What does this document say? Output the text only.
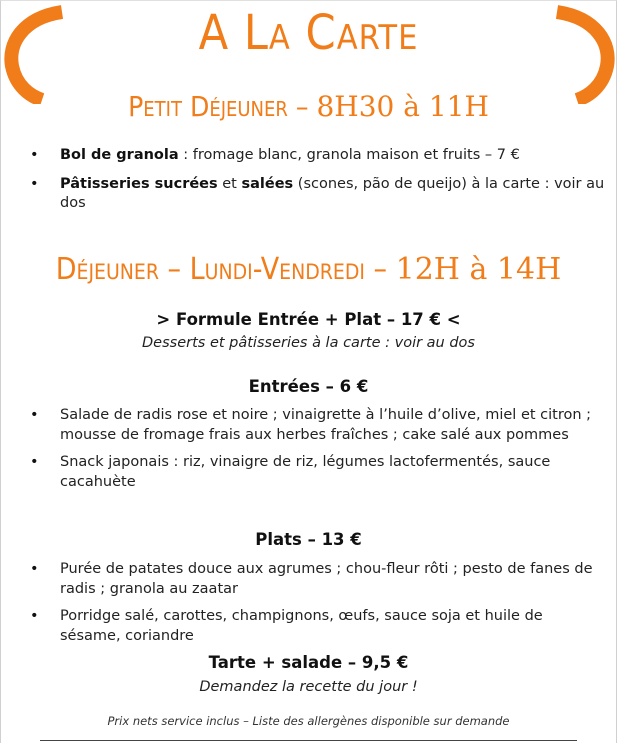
A La Carte
Petit Déjeuner – 8H30 à 11H
• Bol de granola : fromage blanc, granola maison et fruits – 7 €
• Pâtisseries sucrées et salées (scones, pão de queijo) à la carte : voir au dos
Déjeuner – Lundi-Vendredi – 12H à 14H
> Formule Entrée + Plat – 17 € <
Desserts et pâtisseries à la carte : voir au dos
Entrées – 6 €
• Salade de radis rose et noire ; vinaigrette à l’huile d’olive, miel et citron ; mousse de fromage frais aux herbes fraîches ; cake salé aux pommes
• Snack japonais : riz, vinaigre de riz, légumes lactofermentés, sauce cacahuète
Plats – 13 €
• Purée de patates douce aux agrumes ; chou-fleur rôti ; pesto de fanes de radis ; granola au zaatar
• Porridge salé, carottes, champignons, œufs, sauce soja et huile de sésame, coriandre
Tarte + salade – 9,5 €
Demandez la recette du jour !
Prix nets service inclus – Liste des allergènes disponible sur demande
